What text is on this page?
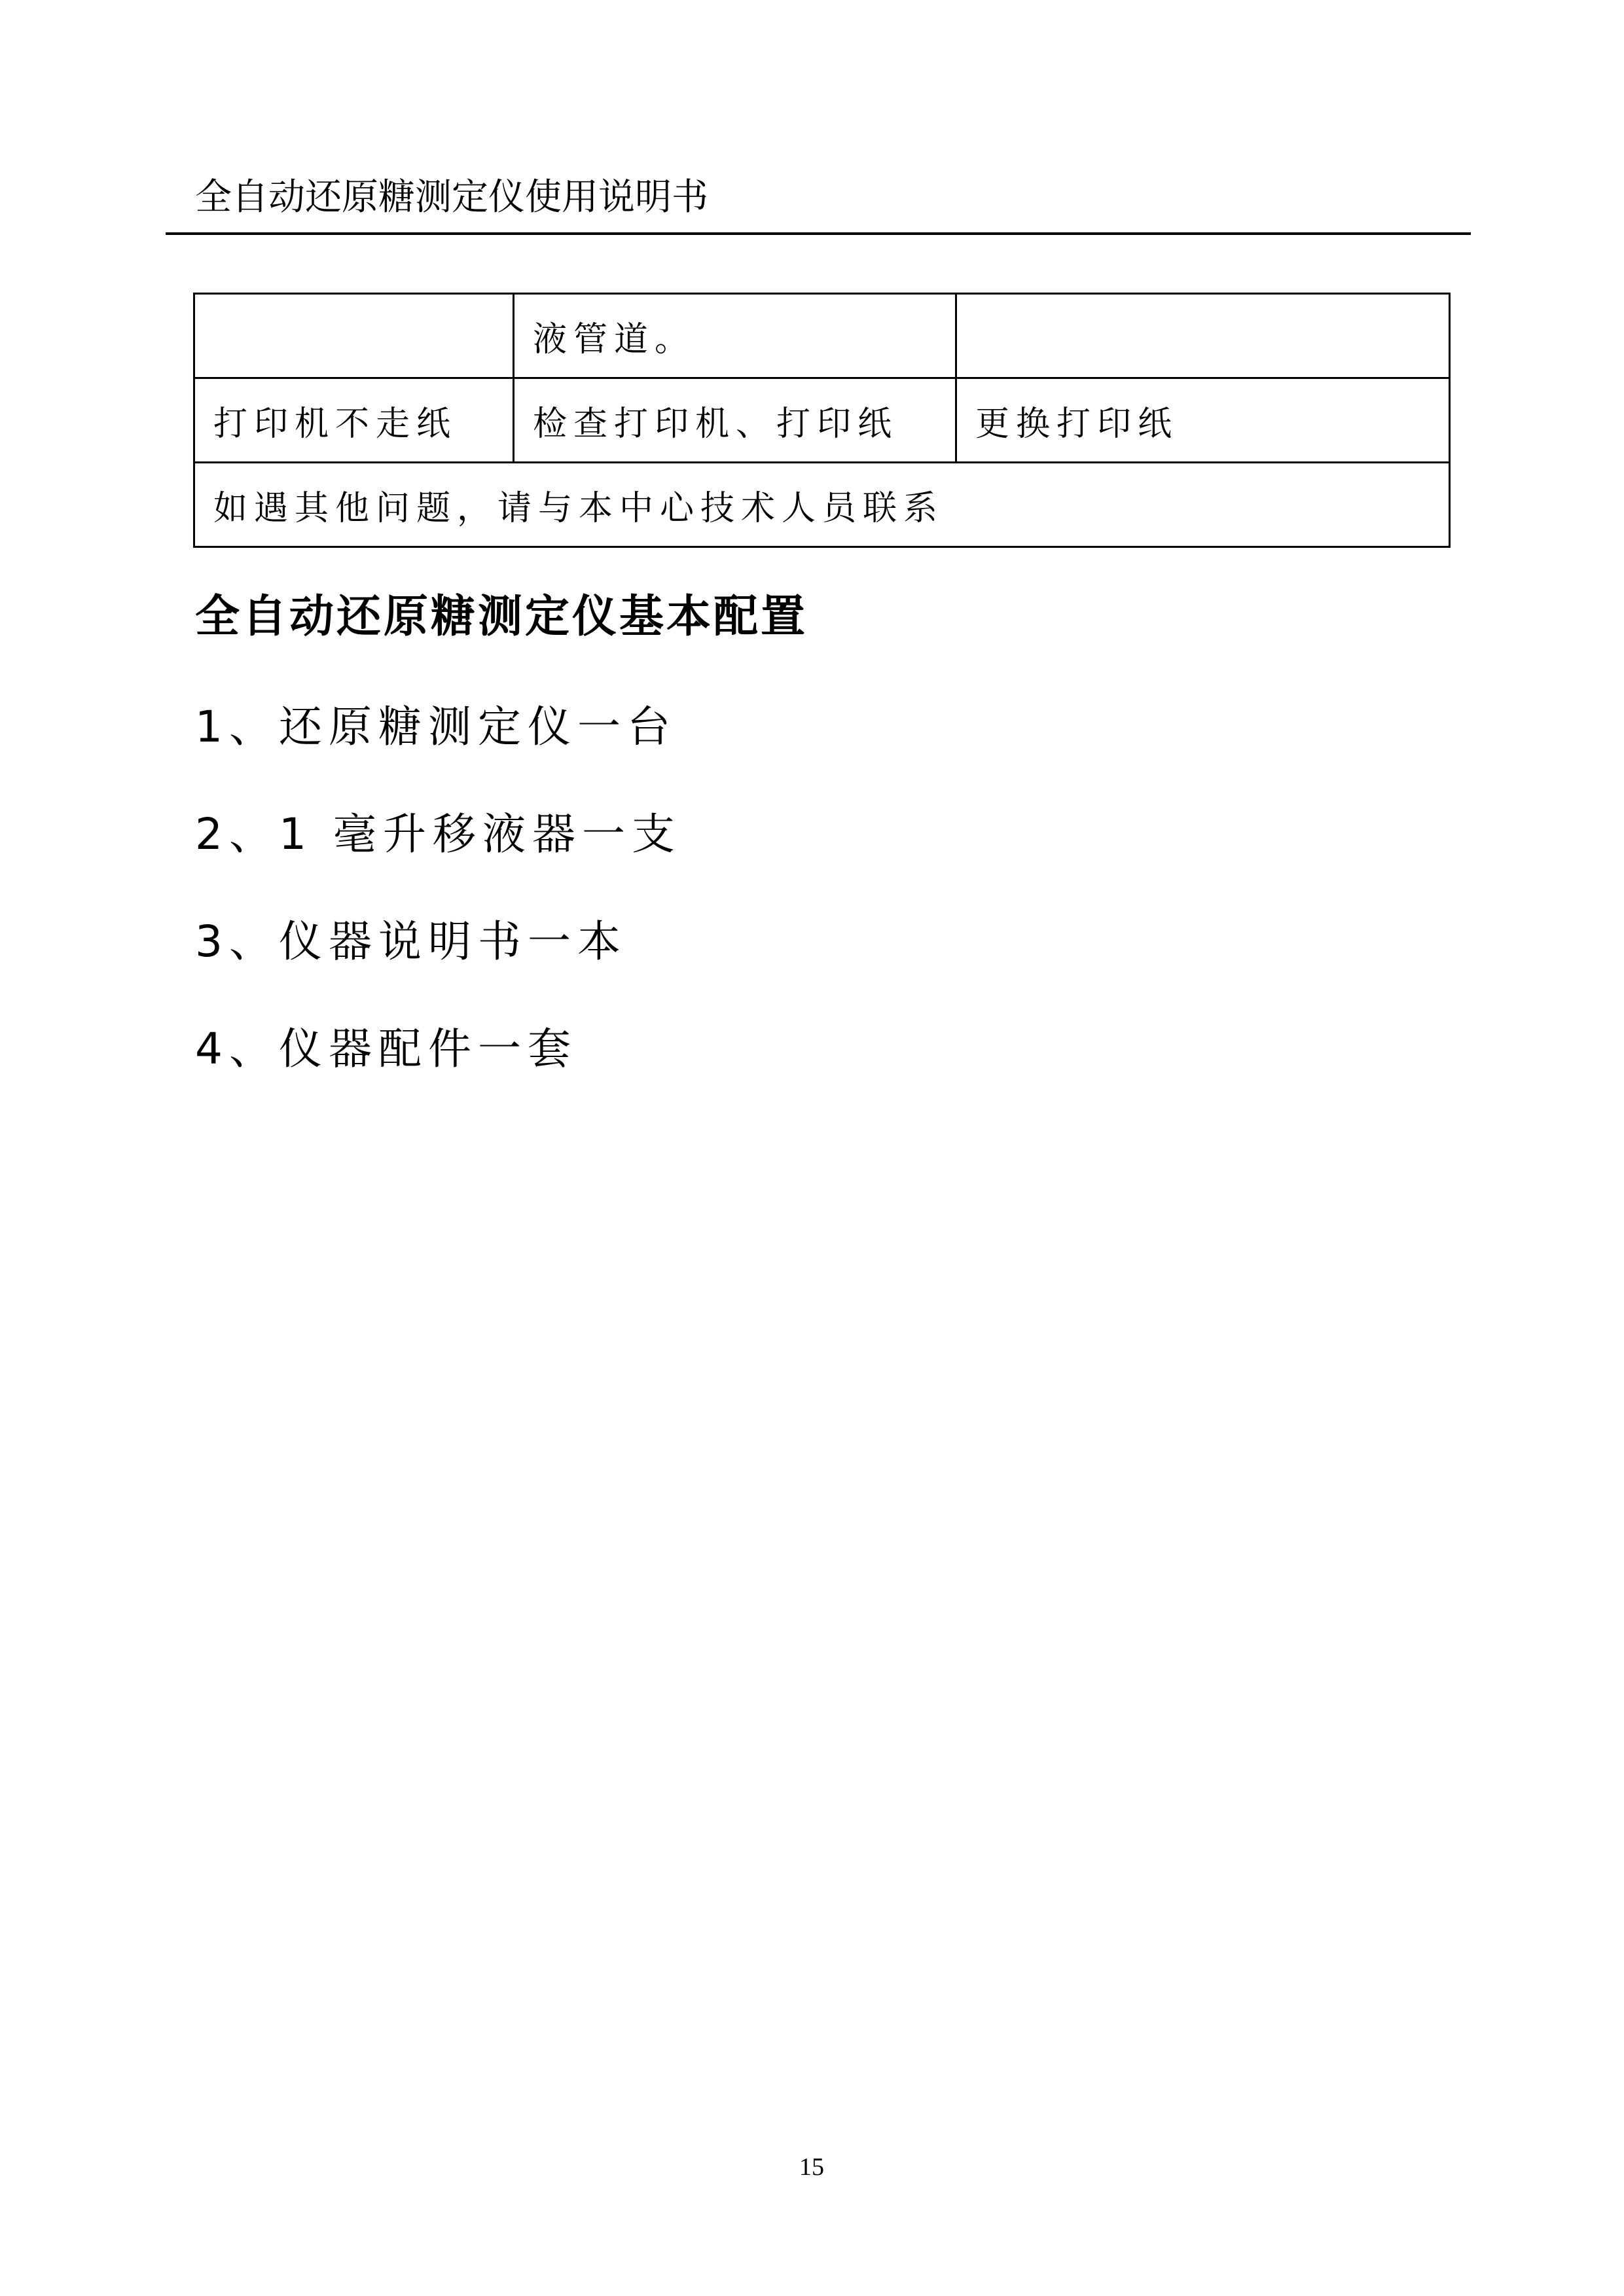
全自动还原糖测定仪使用说明书
	液管道。	
打印机不走纸	检查打印机、打印纸	更换打印纸
如遇其他问题，请与本中心技术人员联系		
全自动还原糖测定仪基本配置
1、还原糖测定仪一台
2、1 毫升移液器一支
3、仪器说明书一本
4、仪器配件一套
15
